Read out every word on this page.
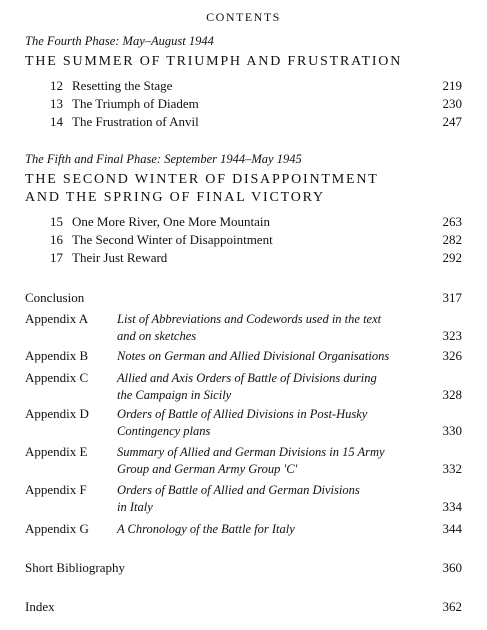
CONTENTS
The Fourth Phase: May–August 1944
THE SUMMER OF TRIUMPH AND FRUSTRATION
12 Resetting the Stage	219
13 The Triumph of Diadem	230
14 The Frustration of Anvil	247
The Fifth and Final Phase: September 1944–May 1945
THE SECOND WINTER OF DISAPPOINTMENT
AND THE SPRING OF FINAL VICTORY
15 One More River, One More Mountain	263
16 The Second Winter of Disappointment	282
17 Their Just Reward	292
Conclusion	317
Appendix A	List of Abbreviations and Codewords used in the text
and on sketches	323
Appendix B	Notes on German and Allied Divisional Organisations	326
Appendix C	Allied and Axis Orders of Battle of Divisions during
the Campaign in Sicily	328
Appendix D	Orders of Battle of Allied Divisions in Post-Husky
Contingency plans	330
Appendix E	Summary of Allied and German Divisions in 15 Army
Group and German Army Group 'C'	332
Appendix F	Orders of Battle of Allied and German Divisions
in Italy	334
Appendix G	A Chronology of the Battle for Italy	344
Short Bibliography	360
Index	362
